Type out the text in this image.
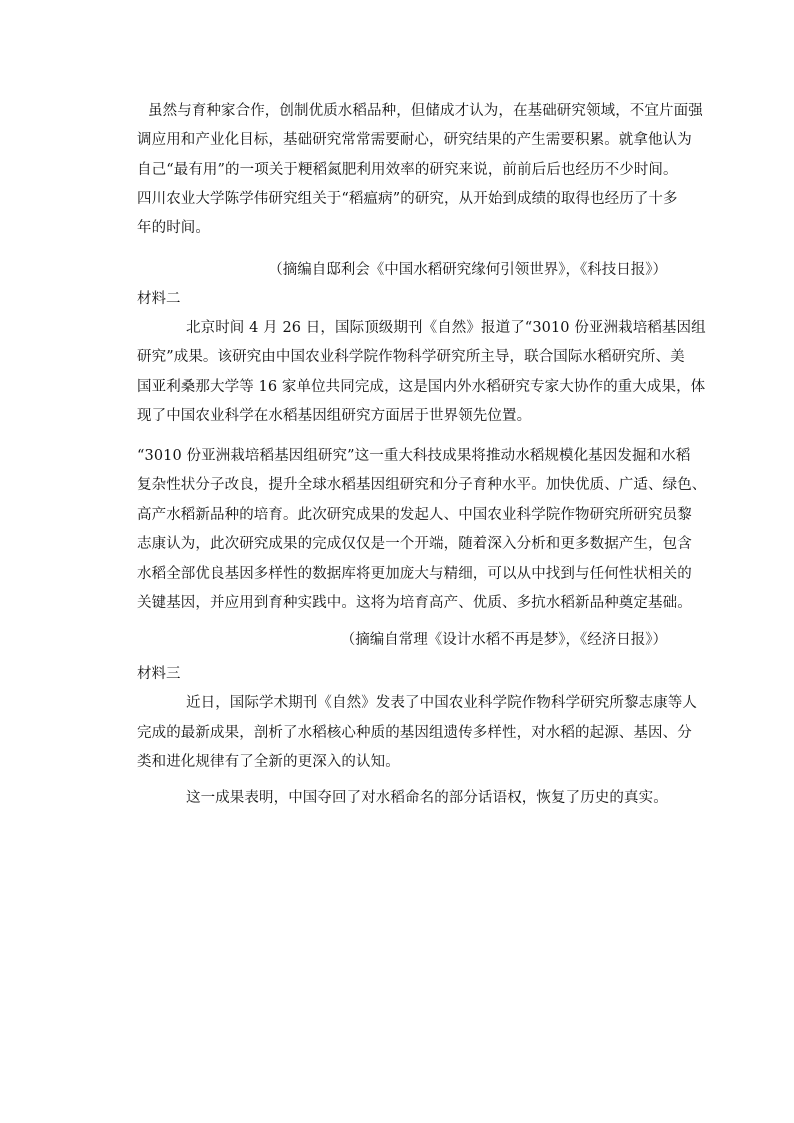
虽然与育种家合作，创制优质水稻品种，但储成才认为，在基础研究领域，不宜片面强
调应用和产业化目标，基础研究常常需要耐心，研究结果的产生需要积累。就拿他认为
自己“最有用”的一项关于粳稻氮肥利用效率的研究来说，前前后后也经历不少时间。
四川农业大学陈学伟研究组关于“稻瘟病”的研究，从开始到成绩的取得也经历了十多
年的时间。
（摘编自邸利会《中国水稻研究缘何引领世界》，《科技日报》）
材料二
北京时间 4 月 26 日，国际顶级期刊《自然》报道了“3010 份亚洲栽培稻基因组
研究”成果。该研究由中国农业科学院作物科学研究所主导，联合国际水稻研究所、美
国亚利桑那大学等 16 家单位共同完成，这是国内外水稻研究专家大协作的重大成果，体
现了中国农业科学在水稻基因组研究方面居于世界领先位置。
“3010 份亚洲栽培稻基因组研究”这一重大科技成果将推动水稻规模化基因发掘和水稻
复杂性状分子改良，提升全球水稻基因组研究和分子育种水平。加快优质、广适、绿色、
高产水稻新品种的培育。此次研究成果的发起人、中国农业科学院作物研究所研究员黎
志康认为，此次研究成果的完成仅仅是一个开端，随着深入分析和更多数据产生，包含
水稻全部优良基因多样性的数据库将更加庞大与精细，可以从中找到与任何性状相关的
关键基因，并应用到育种实践中。这将为培育高产、优质、多抗水稻新品种奠定基础。
（摘编自常理《设计水稻不再是梦》，《经济日报》）
材料三
近日，国际学术期刊《自然》发表了中国农业科学院作物科学研究所黎志康等人
完成的最新成果，剖析了水稻核心种质的基因组遗传多样性，对水稻的起源、基因、分
类和进化规律有了全新的更深入的认知。
这一成果表明，中国夺回了对水稻命名的部分话语权，恢复了历史的真实。
